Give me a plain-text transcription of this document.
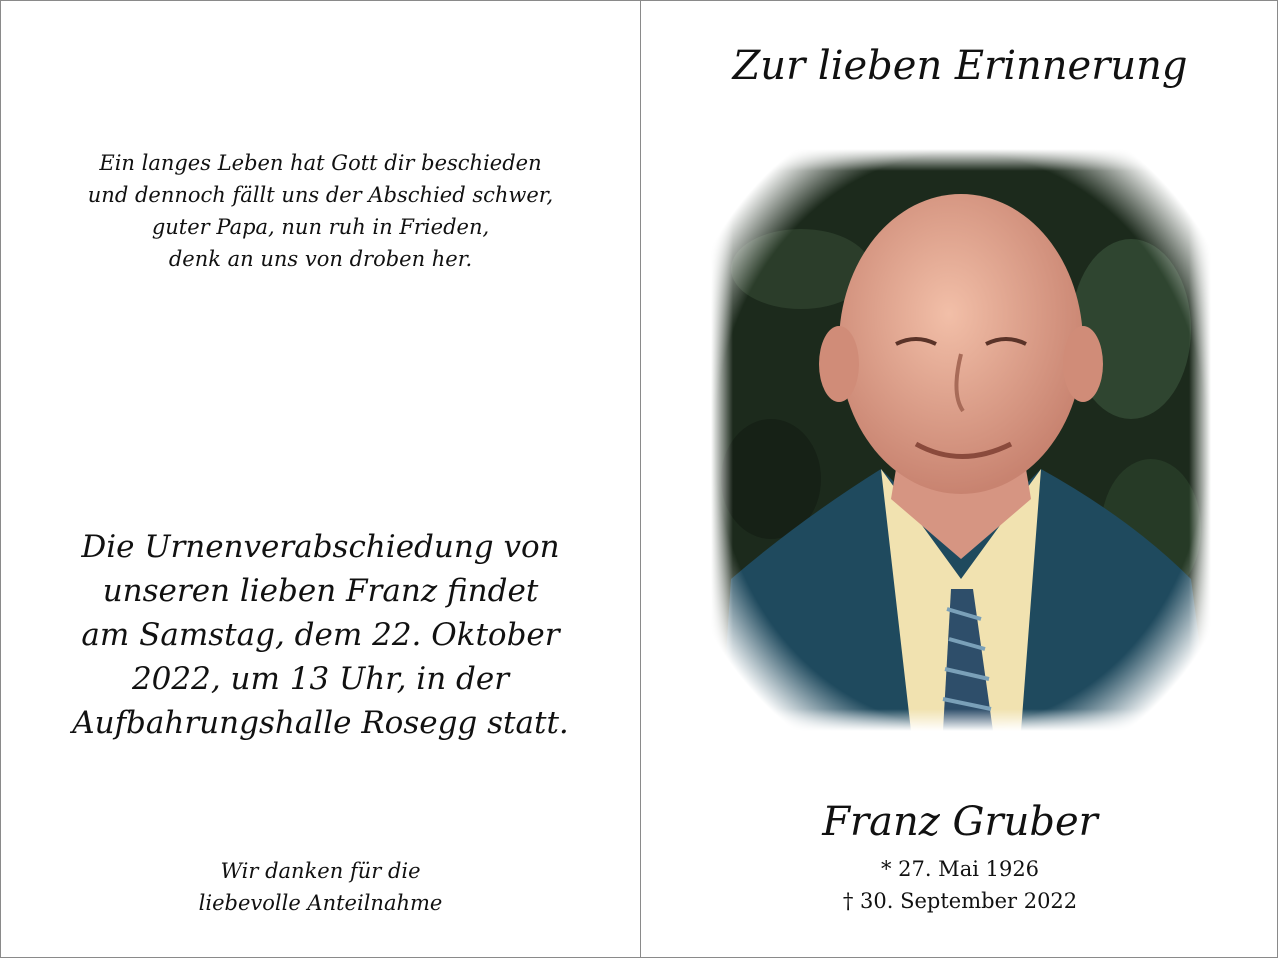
Ein langes Leben hat Gott dir beschieden
und dennoch fällt uns der Abschied schwer,
guter Papa, nun ruh in Frieden,
denk an uns von droben her.
Die Urnenverabschiedung von
unseren lieben Franz findet
am Samstag, dem 22. Oktober
2022, um 13 Uhr, in der
Aufbahrungshalle Rosegg statt.
Wir danken für die
liebevolle Anteilnahme
Zur lieben Erinnerung
Franz Gruber
* 27. Mai 1926
† 30. September 2022
